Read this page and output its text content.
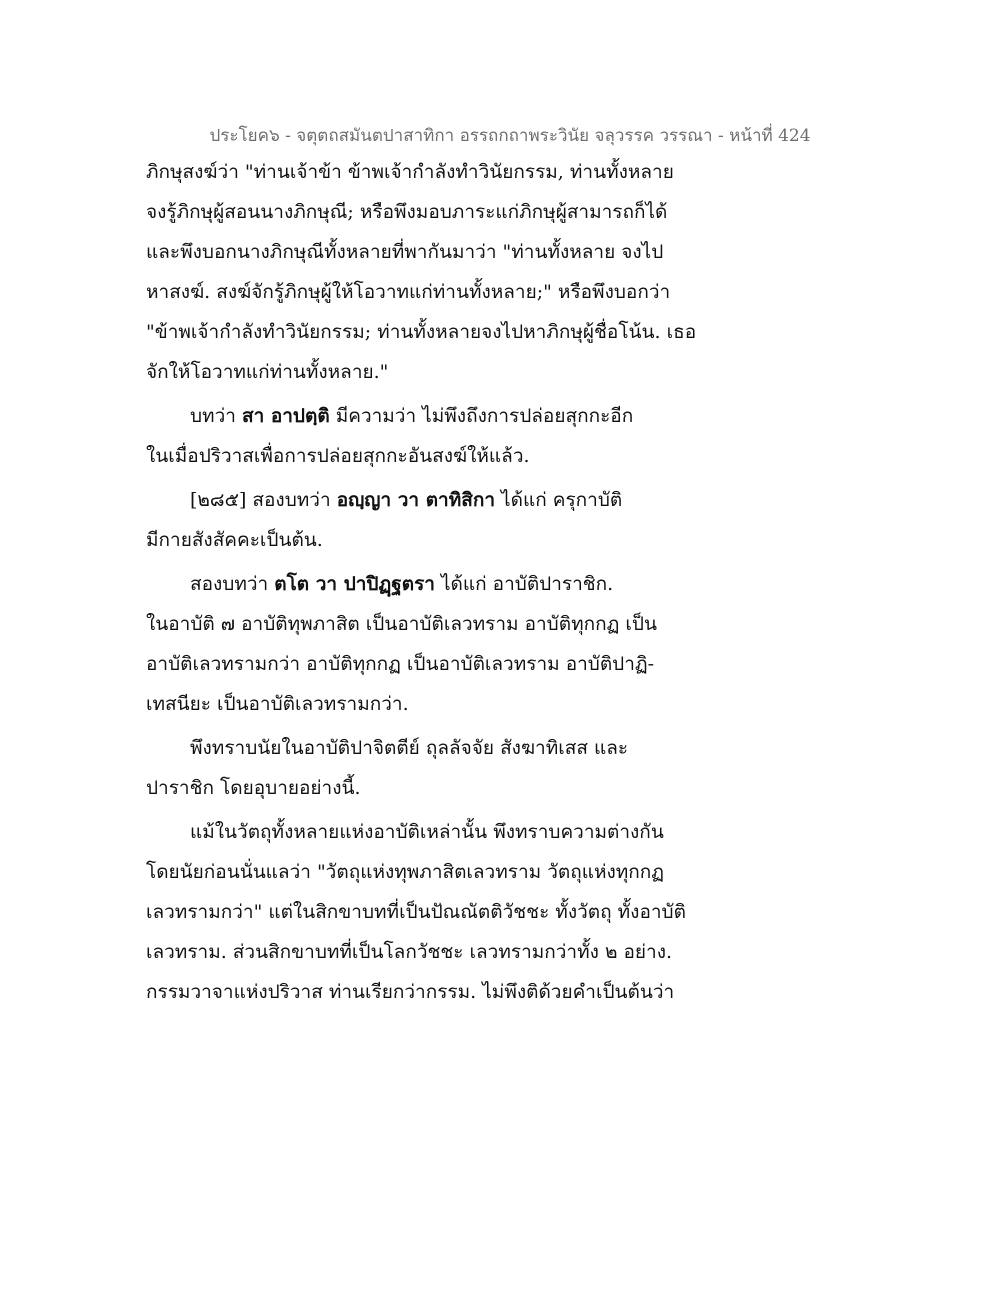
ประโยค๖ - จตุตถสมันตปาสาทิกา อรรถกถาพระวินัย จลุวรรค วรรณา - หน้าที่ 424
ภิกษุสงฆ์ว่า "ท่านเจ้าข้า ข้าพเจ้ากำลังทำวินัยกรรม, ท่านทั้งหลาย
จงรู้ภิกษุผู้สอนนางภิกษุณี; หรือพึงมอบภาระแก่ภิกษุผู้สามารถก็ได้
และพึงบอกนางภิกษุณีทั้งหลายที่พากันมาว่า "ท่านทั้งหลาย จงไป
หาสงฆ์. สงฆ์จักรู้ภิกษุผู้ให้โอวาทแก่ท่านทั้งหลาย;" หรือพึงบอกว่า
"ข้าพเจ้ากำลังทำวินัยกรรม; ท่านทั้งหลายจงไปหาภิกษุผู้ชื่อโน้น. เธอ
จักให้โอวาทแก่ท่านทั้งหลาย."
บทว่า สา อาปตฺติ มีความว่า ไม่พึงถึงการปล่อยสุกกะอีก
ในเมื่อปริวาสเพื่อการปล่อยสุกกะอันสงฆ์ให้แล้ว.
[๒๘๕] สองบทว่า อญฺญา วา ตาทิสิกา ได้แก่ ครุกาบัติ
มีกายสังสัคคะเป็นต้น.
สองบทว่า ตโต วา ปาปิฏฺฐตรา ได้แก่ อาบัติปาราชิก.
ในอาบัติ ๗ อาบัติทุพภาสิต เป็นอาบัติเลวทราม อาบัติทุกกฏ เป็น
อาบัติเลวทรามกว่า อาบัติทุกกฏ เป็นอาบัติเลวทราม อาบัติปาฏิ-
เทสนียะ เป็นอาบัติเลวทรามกว่า.
พึงทราบนัยในอาบัติปาจิตตีย์ ถุลลัจจัย สังฆาทิเสส และ
ปาราชิก โดยอุบายอย่างนี้.
แม้ในวัตถุทั้งหลายแห่งอาบัติเหล่านั้น พึงทราบความต่างกัน
โดยนัยก่อนนั่นแลว่า "วัตถุแห่งทุพภาสิตเลวทราม วัตถุแห่งทุกกฏ
เลวทรามกว่า" แต่ในสิกขาบทที่เป็นปัณณัตติวัชชะ ทั้งวัตถุ ทั้งอาบัติ
เลวทราม. ส่วนสิกขาบทที่เป็นโลกวัชชะ เลวทรามกว่าทั้ง ๒ อย่าง.
กรรมวาจาแห่งปริวาส ท่านเรียกว่ากรรม. ไม่พึงติด้วยคำเป็นต้นว่า
